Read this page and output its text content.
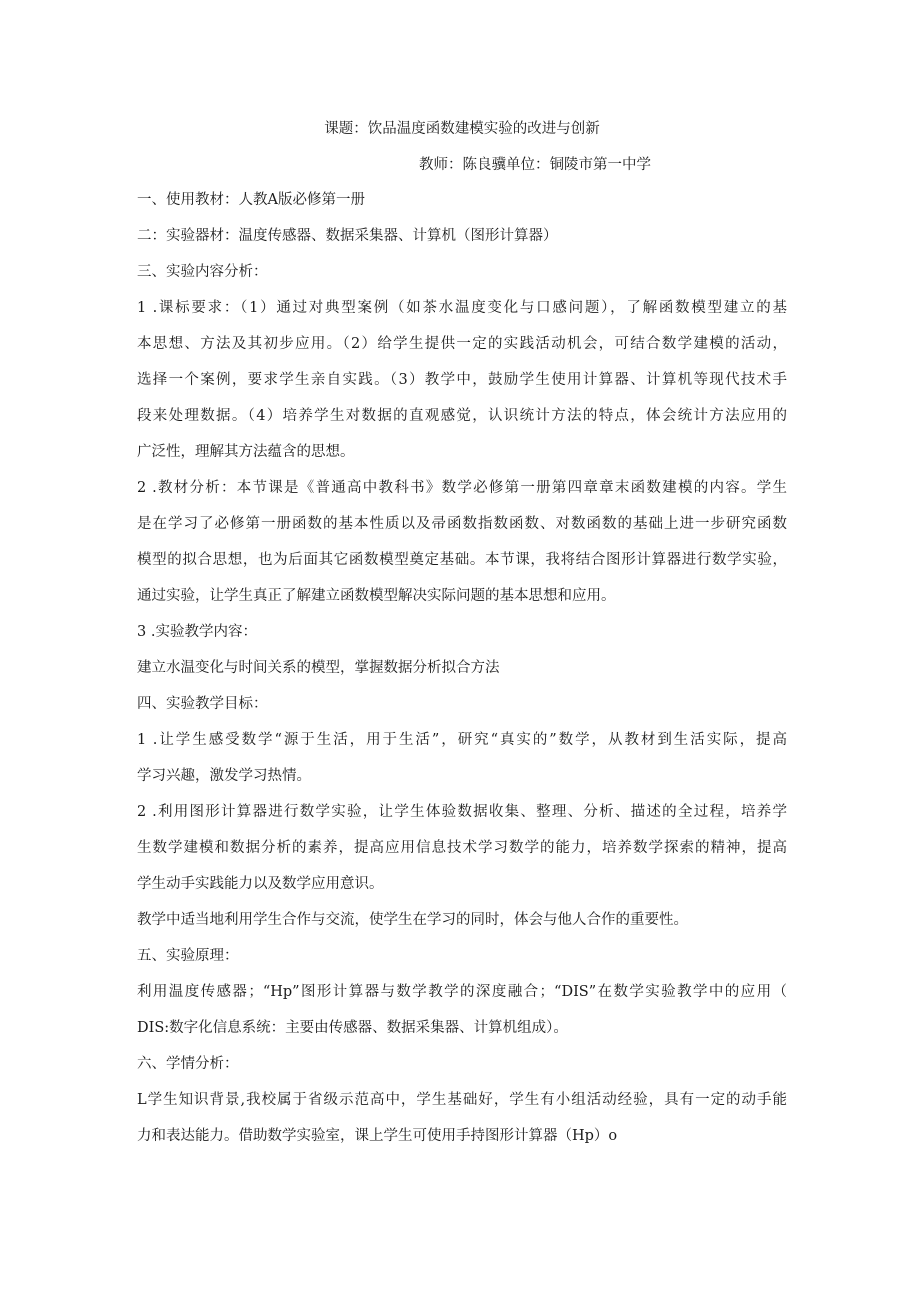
课题：饮品温度函数建模实验的改进与创新
教师：陈良骥单位：铜陵市第一中学
一、使用教材：人教A版必修第一册
二：实验器材：温度传感器、数据采集器、计算机（图形计算器）
三、实验内容分析：
1 .课标要求：（1）通过对典型案例（如茶水温度变化与口感问题），了解函数模型建立的基
本思想、方法及其初步应用。（2）给学生提供一定的实践活动机会，可结合数学建模的活动，
选择一个案例，要求学生亲自实践。（3）教学中，鼓励学生使用计算器、计算机等现代技术手
段来处理数据。（4）培养学生对数据的直观感觉，认识统计方法的特点，体会统计方法应用的
广泛性，理解其方法蕴含的思想。
2 .教材分析：本节课是《普通高中教科书》数学必修第一册第四章章末函数建模的内容。学生
是在学习了必修第一册函数的基本性质以及帚函数指数函数、对数函数的基础上进一步研究函数
模型的拟合思想，也为后面其它函数模型奠定基础。本节课，我将结合图形计算器进行数学实验，
通过实验，让学生真正了解建立函数模型解决实际问题的基本思想和应用。
3 .实验教学内容：
建立水温变化与时间关系的模型，掌握数据分析拟合方法
四、实验教学目标：
1 .让学生感受数学“源于生活，用于生活”，研究“真实的”数学，从教材到生活实际，提高
学习兴趣，激发学习热情。
2 .利用图形计算器进行数学实验，让学生体验数据收集、整理、分析、描述的全过程，培养学
生数学建模和数据分析的素养，提高应用信息技术学习数学的能力，培养数学探索的精神，提高
学生动手实践能力以及数学应用意识。
教学中适当地利用学生合作与交流，使学生在学习的同时，体会与他人合作的重要性。
五、实验原理：
利用温度传感器；“Hp”图形计算器与数学教学的深度融合；“DIS”在数学实验教学中的应用（
DIS:数字化信息系统：主要由传感器、数据采集器、计算机组成）。
六、学情分析：
L学生知识背景,我校属于省级示范高中，学生基础好，学生有小组活动经验，具有一定的动手能
力和表达能力。借助数学实验室，课上学生可使用手持图形计算器（Hp）o
